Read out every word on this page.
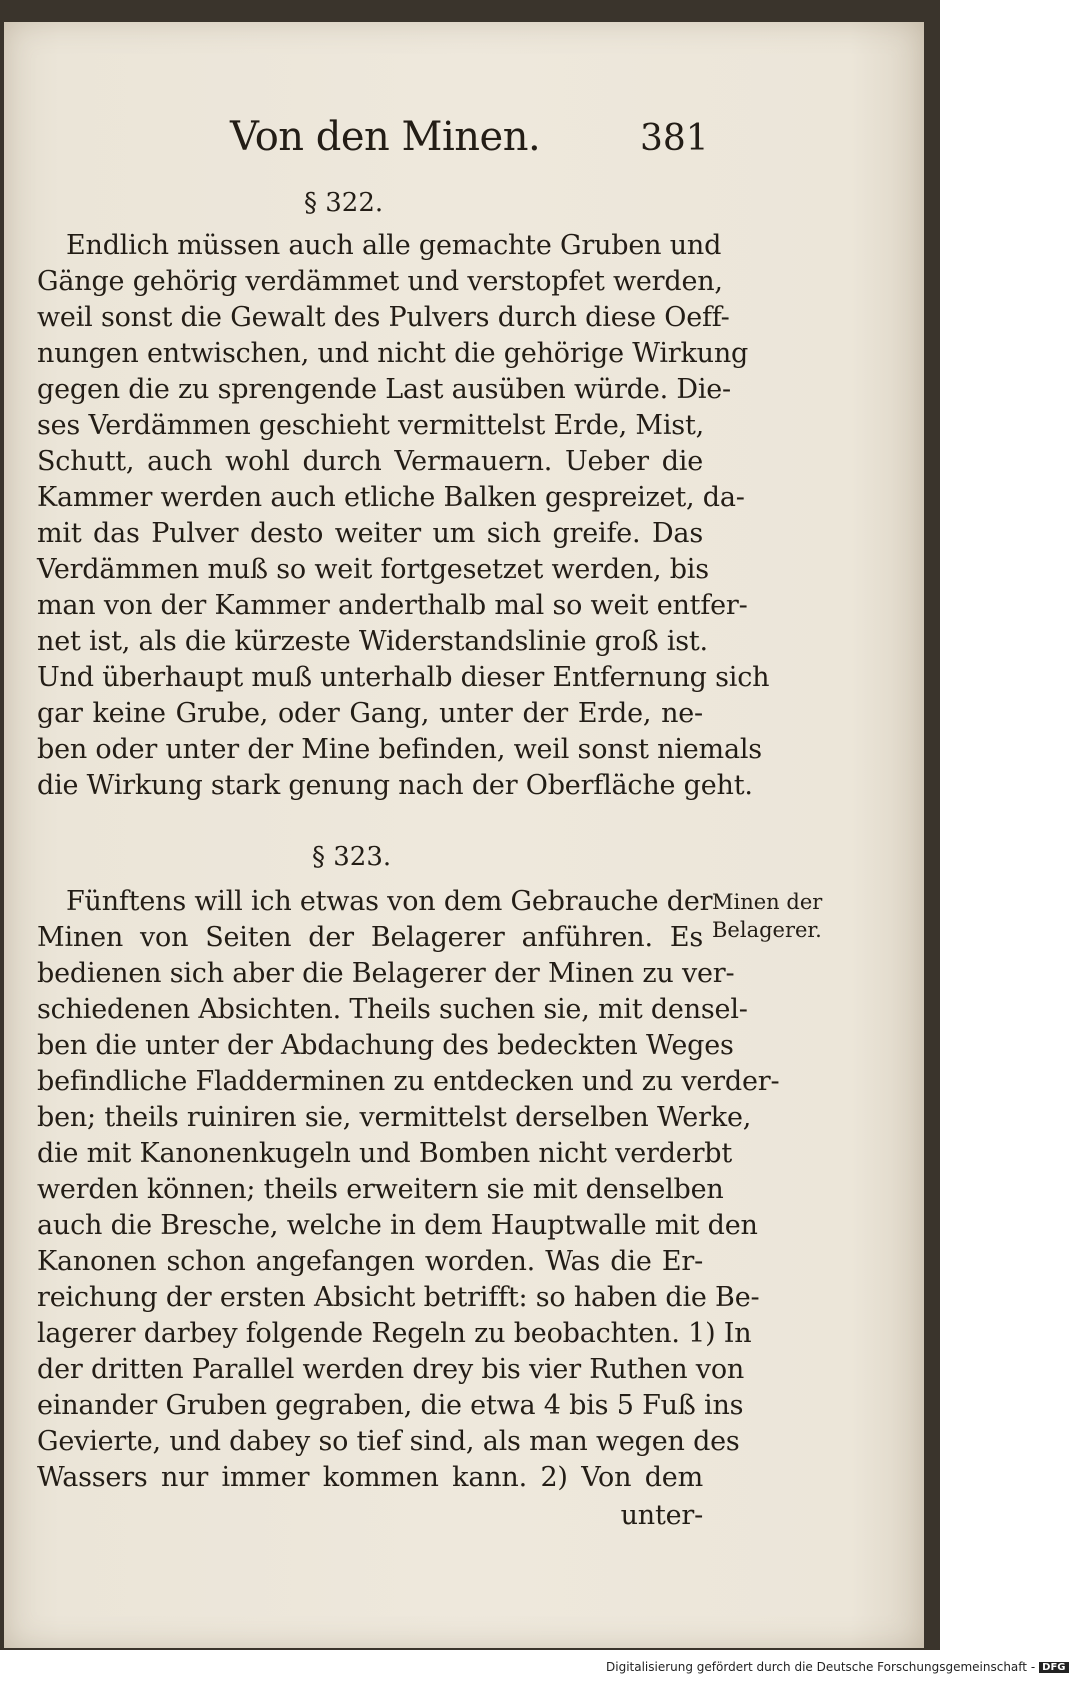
Von den Minen.	381
§ 322.
Endlich müssen auch alle gemachte Gruben und
Gänge gehörig verdämmet und verstopfet werden,
weil sonst die Gewalt des Pulvers durch diese Oeff-
nungen entwischen, und nicht die gehörige Wirkung
gegen die zu sprengende Last ausüben würde. Die-
ses Verdämmen geschieht vermittelst Erde, Mist,
Schutt, auch wohl durch Vermauern. Ueber die
Kammer werden auch etliche Balken gespreizet, da-
mit das Pulver desto weiter um sich greife. Das
Verdämmen muß so weit fortgesetzet werden, bis
man von der Kammer anderthalb mal so weit entfer-
net ist, als die kürzeste Widerstandslinie groß ist.
Und überhaupt muß unterhalb dieser Entfernung sich
gar keine Grube, oder Gang, unter der Erde, ne-
ben oder unter der Mine befinden, weil sonst niemals
die Wirkung stark genung nach der Oberfläche geht.
§ 323.
Minen der
Belagerer.
Fünftens will ich etwas von dem Gebrauche der
Minen von Seiten der Belagerer anführen. Es
bedienen sich aber die Belagerer der Minen zu ver-
schiedenen Absichten. Theils suchen sie, mit densel-
ben die unter der Abdachung des bedeckten Weges
befindliche Fladderminen zu entdecken und zu verder-
ben; theils ruiniren sie, vermittelst derselben Werke,
die mit Kanonenkugeln und Bomben nicht verderbt
werden können; theils erweitern sie mit denselben
auch die Bresche, welche in dem Hauptwalle mit den
Kanonen schon angefangen worden. Was die Er-
reichung der ersten Absicht betrifft: so haben die Be-
lagerer darbey folgende Regeln zu beobachten. 1) In
der dritten Parallel werden drey bis vier Ruthen von
einander Gruben gegraben, die etwa 4 bis 5 Fuß ins
Gevierte, und dabey so tief sind, als man wegen des
Wassers nur immer kommen kann. 2) Von dem
unter-
Digitalisierung gefördert durch die Deutsche Forschungsgemeinschaft - DFG
